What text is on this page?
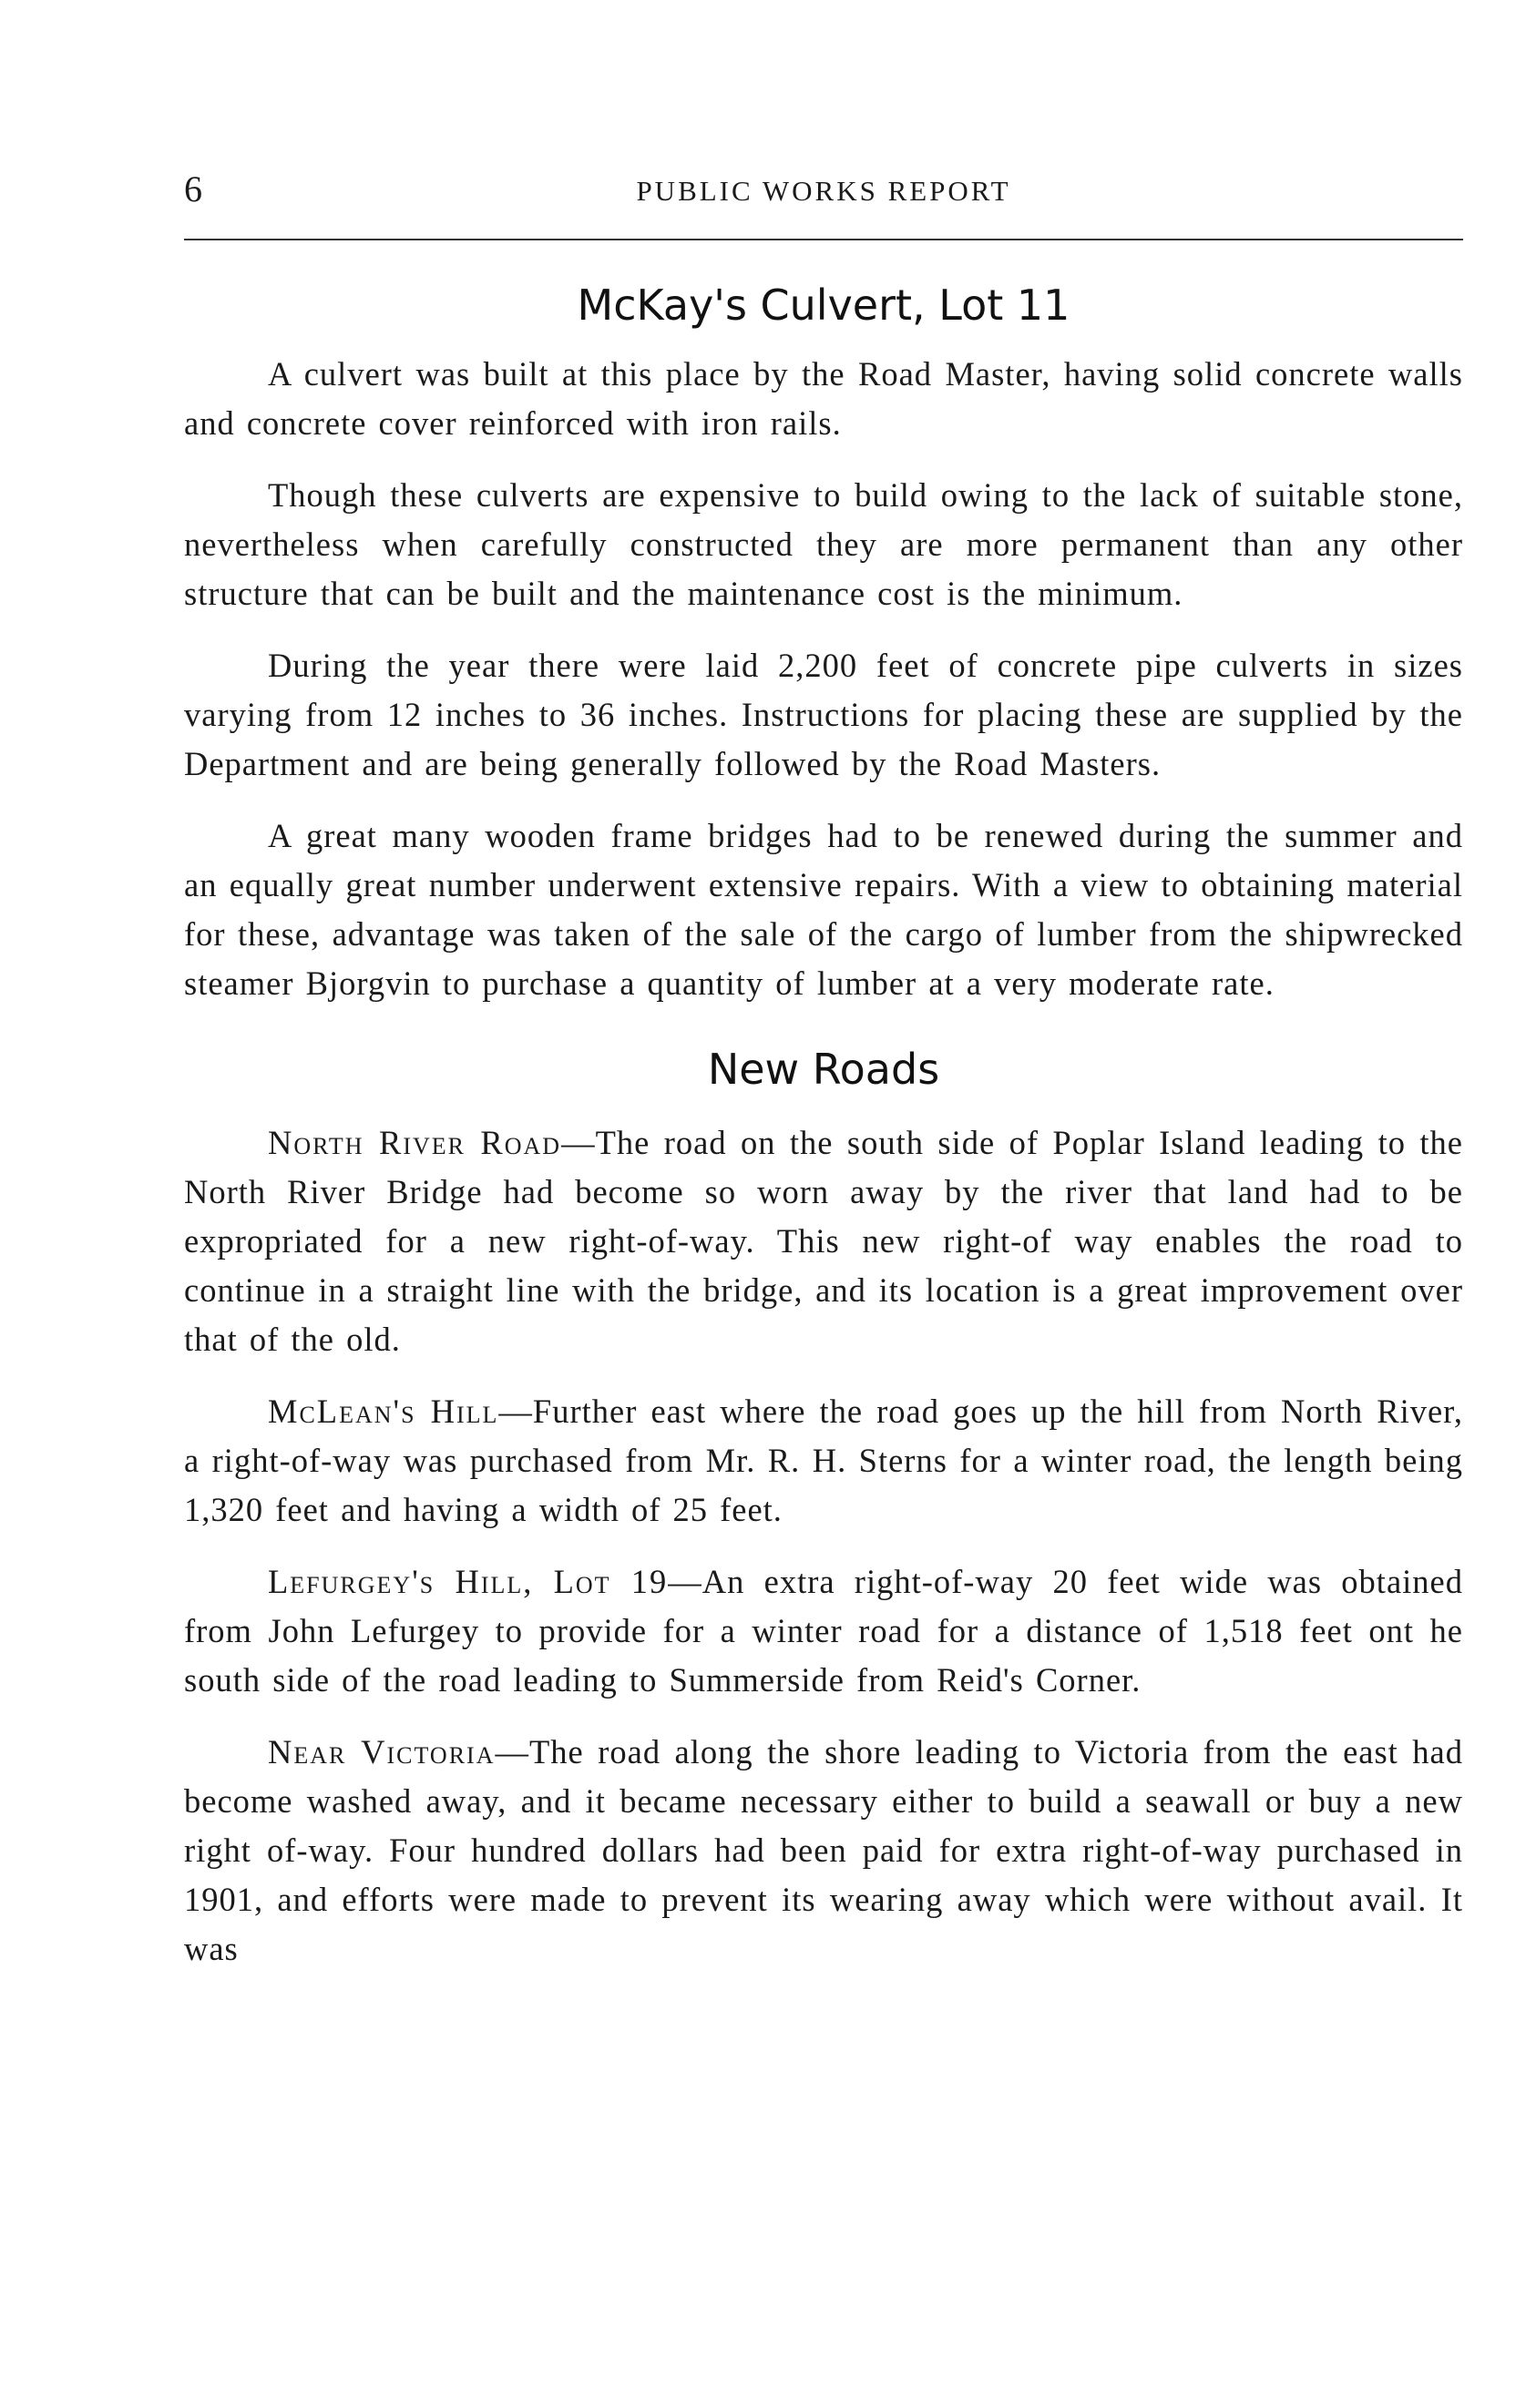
6	PUBLIC WORKS REPORT
McKay's Culvert, Lot 11

A culvert was built at this place by the Road Master, having solid concrete walls and concrete cover reinforced with iron rails.

Though these culverts are expensive to build owing to the lack of suitable stone, nevertheless when carefully constructed they are more permanent than any other structure that can be built and the maintenance cost is the minimum.

During the year there were laid 2,200 feet of concrete pipe culverts in sizes varying from 12 inches to 36 inches. Instructions for placing these are supplied by the Department and are being generally followed by the Road Masters.

A great many wooden frame bridges had to be renewed during the summer and an equally great number underwent extensive repairs. With a view to obtaining material for these, advantage was taken of the sale of the cargo of lumber from the shipwrecked steamer Bjorgvin to purchase a quantity of lumber at a very moderate rate.

New Roads

North River Road—The road on the south side of Poplar Island leading to the North River Bridge had become so worn away by the river that land had to be expropriated for a new right-of-way. This new right-of way enables the road to continue in a straight line with the bridge, and its location is a great improvement over that of the old.

McLean's Hill—Further east where the road goes up the hill from North River, a right-of-way was purchased from Mr. R. H. Sterns for a winter road, the length being 1,320 feet and having a width of 25 feet.

Lefurgey's Hill, Lot 19—An extra right-of-way 20 feet wide was obtained from John Lefurgey to provide for a winter road for a distance of 1,518 feet ont he south side of the road leading to Summerside from Reid's Corner.

Near Victoria—The road along the shore leading to Victoria from the east had become washed away, and it became necessary either to build a seawall or buy a new right of-way. Four hundred dollars had been paid for extra right-of-way purchased in 1901, and efforts were made to prevent its wearing away which were without avail. It was
